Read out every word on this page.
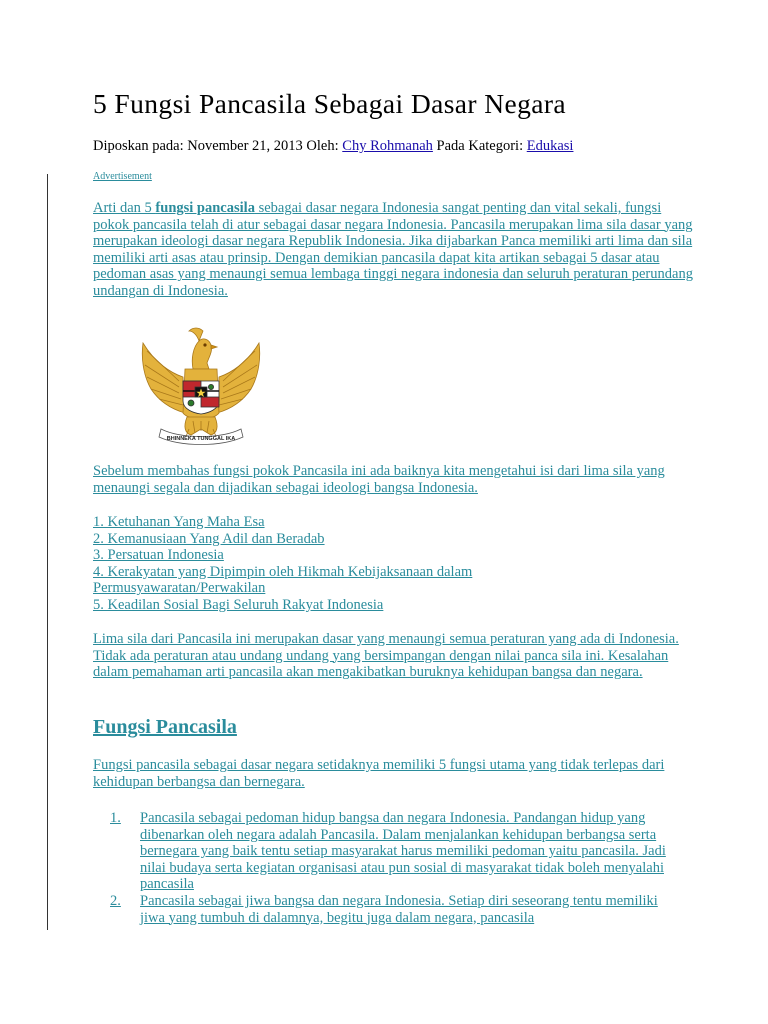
5 Fungsi Pancasila Sebagai Dasar Negara
Diposkan pada: November 21, 2013 Oleh: Chy Rohmanah Pada Kategori: Edukasi
Advertisement

Arti dan 5 fungsi pancasila sebagai dasar negara Indonesia sangat penting dan vital sekali, fungsi pokok pancasila telah di atur sebagai dasar negara Indonesia. Pancasila merupakan lima sila dasar yang merupakan ideologi dasar negara Republik Indonesia. Jika dijabarkan Panca memiliki arti lima dan sila memiliki arti asas atau prinsip. Dengan demikian pancasila dapat kita artikan sebagai 5 dasar atau pedoman asas yang menaungi semua lembaga tinggi negara indonesia dan seluruh peraturan perundang undangan di Indonesia.

BHINNEKA TUNGGAL IKA

Sebelum membahas fungsi pokok Pancasila ini ada baiknya kita mengetahui isi dari lima sila yang menaungi segala dan dijadikan sebagai ideologi bangsa Indonesia.

1. Ketuhanan Yang Maha Esa
2. Kemanusiaan Yang Adil dan Beradab
3. Persatuan Indonesia
4. Kerakyatan yang Dipimpin oleh Hikmah Kebijaksanaan dalam Permusyawaratan/Perwakilan
5. Keadilan Sosial Bagi Seluruh Rakyat Indonesia

Lima sila dari Pancasila ini merupakan dasar yang menaungi semua peraturan yang ada di Indonesia. Tidak ada peraturan atau undang undang yang bersimpangan dengan nilai panca sila ini. Kesalahan dalam pemahaman arti pancasila akan mengakibatkan buruknya kehidupan bangsa dan negara.

Fungsi Pancasila

Fungsi pancasila sebagai dasar negara setidaknya memiliki 5 fungsi utama yang tidak terlepas dari kehidupan berbangsa dan bernegara.

1.	Pancasila sebagai pedoman hidup bangsa dan negara Indonesia. Pandangan hidup yang dibenarkan oleh negara adalah Pancasila. Dalam menjalankan kehidupan berbangsa serta bernegara yang baik tentu setiap masyarakat harus memiliki pedoman yaitu pancasila. Jadi nilai budaya serta kegiatan organisasi atau pun sosial di masyarakat tidak boleh menyalahi pancasila
2.	Pancasila sebagai jiwa bangsa dan negara Indonesia. Setiap diri seseorang tentu memiliki jiwa yang tumbuh di dalamnya, begitu juga dalam negara, pancasila
